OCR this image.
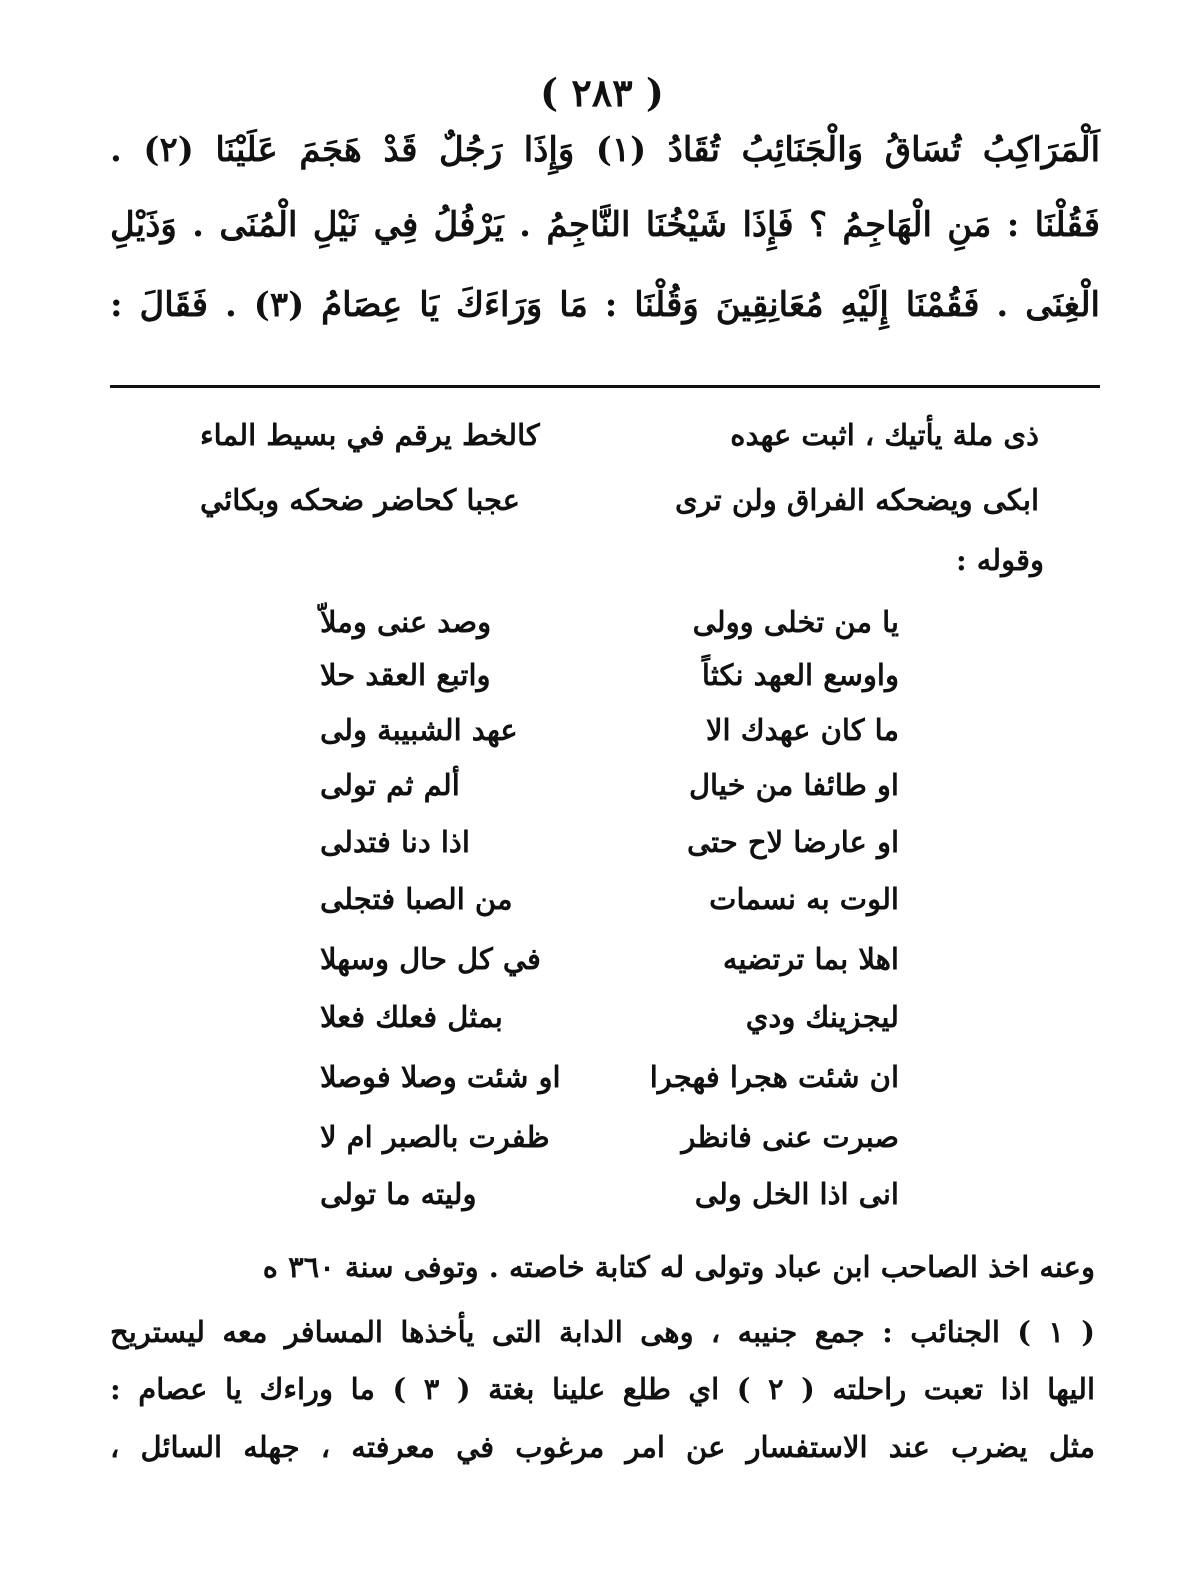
( ٢٨٣ )
اَلْمَرَاكِبُ تُسَاقُ وَالْجَنَائِبُ تُقَادُ (١) وَإِذَا رَجُلٌ قَدْ هَجَمَ عَلَيْنَا (٢) .
فَقُلْنَا : مَنِ الْهَاجِمُ ؟ فَإِذَا شَيْخُنَا النَّاجِمُ . يَرْفُلُ فِي نَيْلِ الْمُنَى . وَذَيْلِ
الْغِنَى . فَقُمْنَا إِلَيْهِ مُعَانِقِينَ وَقُلْنَا : مَا وَرَاءَكَ يَا عِصَامُ (٣) . فَقَالَ :
ذى ملة يأتيك ، اثبت عهده
كالخط يرقم في بسيط الماء
ابكى ويضحكه الفراق ولن ترى
عجبا كحاضر ضحكه وبكائي
وقوله :
يا من تخلى وولى
وصد عنى وملاّ
واوسع العهد نكثاً
واتبع العقد حلا
ما كان عهدك الا
عهد الشبيبة ولى
او طائفا من خيال
ألم ثم تولى
او عارضا لاح حتى
اذا دنا فتدلى
الوت به نسمات
من الصبا فتجلى
اهلا بما ترتضيه
في كل حال وسهلا
ليجزينك ودي
بمثل فعلك فعلا
ان شئت هجرا فهجرا
او شئت وصلا فوصلا
صبرت عنى فانظر
ظفرت بالصبر ام لا
انى اذا الخل ولى
وليته ما تولى
وعنه اخذ الصاحب ابن عباد وتولى له كتابة خاصته . وتوفى سنة ٣٦٠ ه
( ١ ) الجنائب : جمع جنيبه ، وهى الدابة التى يأخذها المسافر معه ليستريح
اليها اذا تعبت راحلته ( ٢ ) اي طلع علينا بغتة ( ٣ ) ما وراءك يا عصام :
مثل يضرب عند الاستفسار عن امر مرغوب في معرفته ، جهله السائل ،
